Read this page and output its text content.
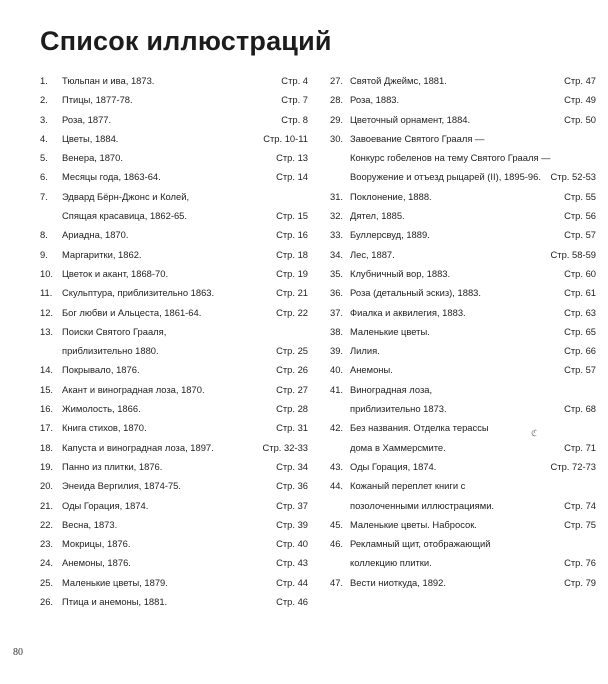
Список иллюстраций
1. Тюльпан и ива, 1873.	Стр. 4
2. Птицы, 1877-78.	Стр. 7
3. Роза, 1877.	Стр. 8
4. Цветы, 1884.	Стр. 10-11
5. Венера, 1870.	Стр. 13
6. Месяцы года, 1863-64.	Стр. 14
7. Эдвард Бёрн-Джонс и Колей,
Спящая красавица, 1862-65.	Стр. 15
8. Ариадна, 1870.	Стр. 16
9. Маргаритки, 1862.	Стр. 18
10. Цветок и акант, 1868-70.	Стр. 19
11. Скульптура, приблизительно 1863.	Стр. 21
12. Бог любви и Альцеста, 1861-64.	Стр. 22
13. Поиски Святого Грааля,
приблизительно 1880.	Стр. 25
14. Покрывало, 1876.	Стр. 26
15. Акант и виноградная лоза, 1870.	Стр. 27
16. Жимолость, 1866.	Стр. 28
17. Книга стихов, 1870.	Стр. 31
18. Капуста и виноградная лоза, 1897.	Стр. 32-33
19. Панно из плитки, 1876.	Стр. 34
20. Энеида Вергилия, 1874-75.	Стр. 36
21. Оды Горация, 1874.	Стр. 37
22. Весна, 1873.	Стр. 39
23. Мокрицы, 1876.	Стр. 40
24. Анемоны, 1876.	Стр. 43
25. Маленькие цветы, 1879.	Стр. 44
26. Птица и анемоны, 1881.	Стр. 46
27. Святой Джеймс, 1881.	Стр. 47
28. Роза, 1883.	Стр. 49
29. Цветочный орнамент, 1884.	Стр. 50
30. Завоевание Святого Грааля —
Конкурс гобеленов на тему Святого Грааля —
Вооружение и отъезд рыцарей (II), 1895-96. Стр. 52-53
31. Поклонение, 1888.	Стр. 55
32. Дятел, 1885.	Стр. 56
33. Буллерсвуд, 1889.	Стр. 57
34. Лес, 1887.	Стр. 58-59
35. Клубничный вор, 1883.	Стр. 60
36. Роза (детальный эскиз), 1883.	Стр. 61
37. Фиалка и аквилегия, 1883.	Стр. 63
38. Маленькие цветы.	Стр. 65
39. Лилия.	Стр. 66
40. Анемоны.	Стр. 57
41. Виноградная лоза,
приблизительно 1873.	Стр. 68
42. Без названия. Отделка терассы
дома в Хаммерсмите.	Стр. 71
43. Оды Горация, 1874.	Стр. 72-73
44. Кожаный переплет книги с
позолоченными иллюстрациями.	Стр. 74
45. Маленькие цветы. Набросок.	Стр. 75
46. Рекламный щит, отображающий
коллекцию плитки.	Стр. 76
47. Вести ниоткуда, 1892.	Стр. 79
80
ℭ
